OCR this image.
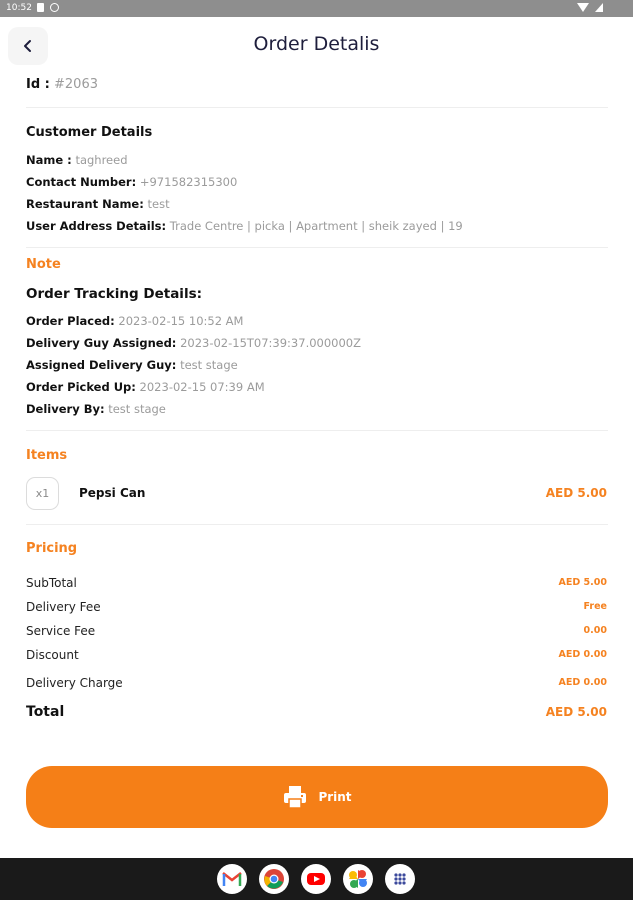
10:52
Order Detalis
Id : #2063
Customer Details
Name : taghreed
Contact Number: +971582315300
Restaurant Name: test
User Address Details: Trade Centre | picka | Apartment | sheik zayed | 19
Note
Order Tracking Details:
Order Placed: 2023-02-15 10:52 AM
Delivery Guy Assigned: 2023-02-15T07:39:37.000000Z
Assigned Delivery Guy: test stage
Order Picked Up: 2023-02-15 07:39 AM
Delivery By: test stage
Items
x1	Pepsi Can	AED 5.00
Pricing
SubTotal	AED 5.00
Delivery Fee	Free
Service Fee	0.00
Discount	AED 0.00
Delivery Charge	AED 0.00
Total	AED 5.00
Print
